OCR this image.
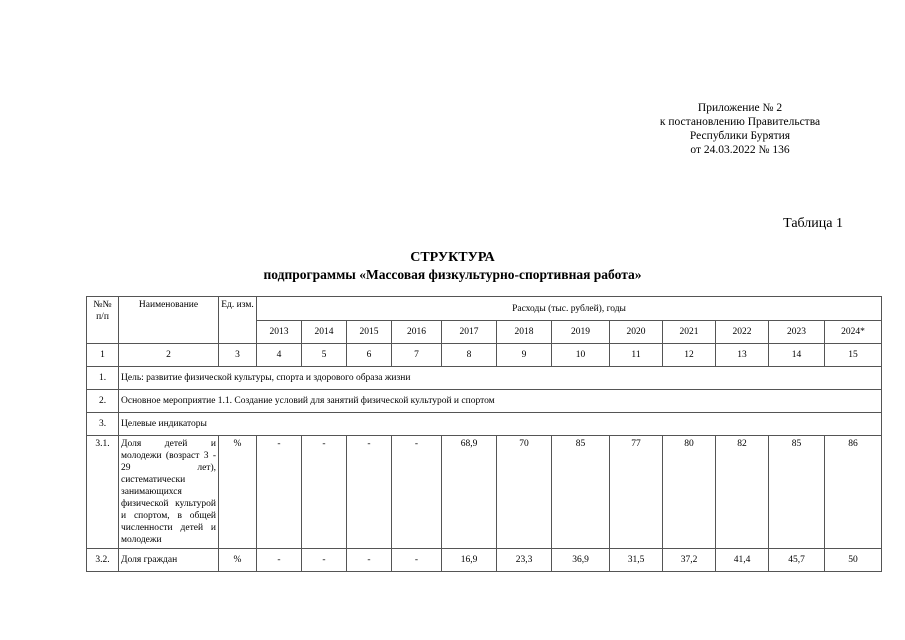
Приложение № 2
к постановлению Правительства
Республики Бурятия
от 24.03.2022 № 136
Таблица 1
СТРУКТУРА
подпрограммы «Массовая физкультурно-спортивная работа»
№№ п/п	Наименование	Ед. изм.	Расходы (тыс. рублей), годы											
			2013	2014	2015	2016	2017	2018	2019	2020	2021	2022	2023	2024*
1	2	3	4	5	6	7	8	9	10	11	12	13	14	15
1.	Цель: развитие физической культуры, спорта и здорового образа жизни													
2.	Основное мероприятие 1.1. Создание условий для занятий физической культурой и спортом													
3.	Целевые индикаторы													
3.1.	Доля детей и молодежи (возраст 3 - 29 лет), систематически занимающихся физической культурой и спортом, в общей численности детей и молодежи	%	-	-	-	-	68,9	70	85	77	80	82	85	86
3.2.	Доля граждан	%	-	-	-	-	16,9	23,3	36,9	31,5	37,2	41,4	45,7	50
